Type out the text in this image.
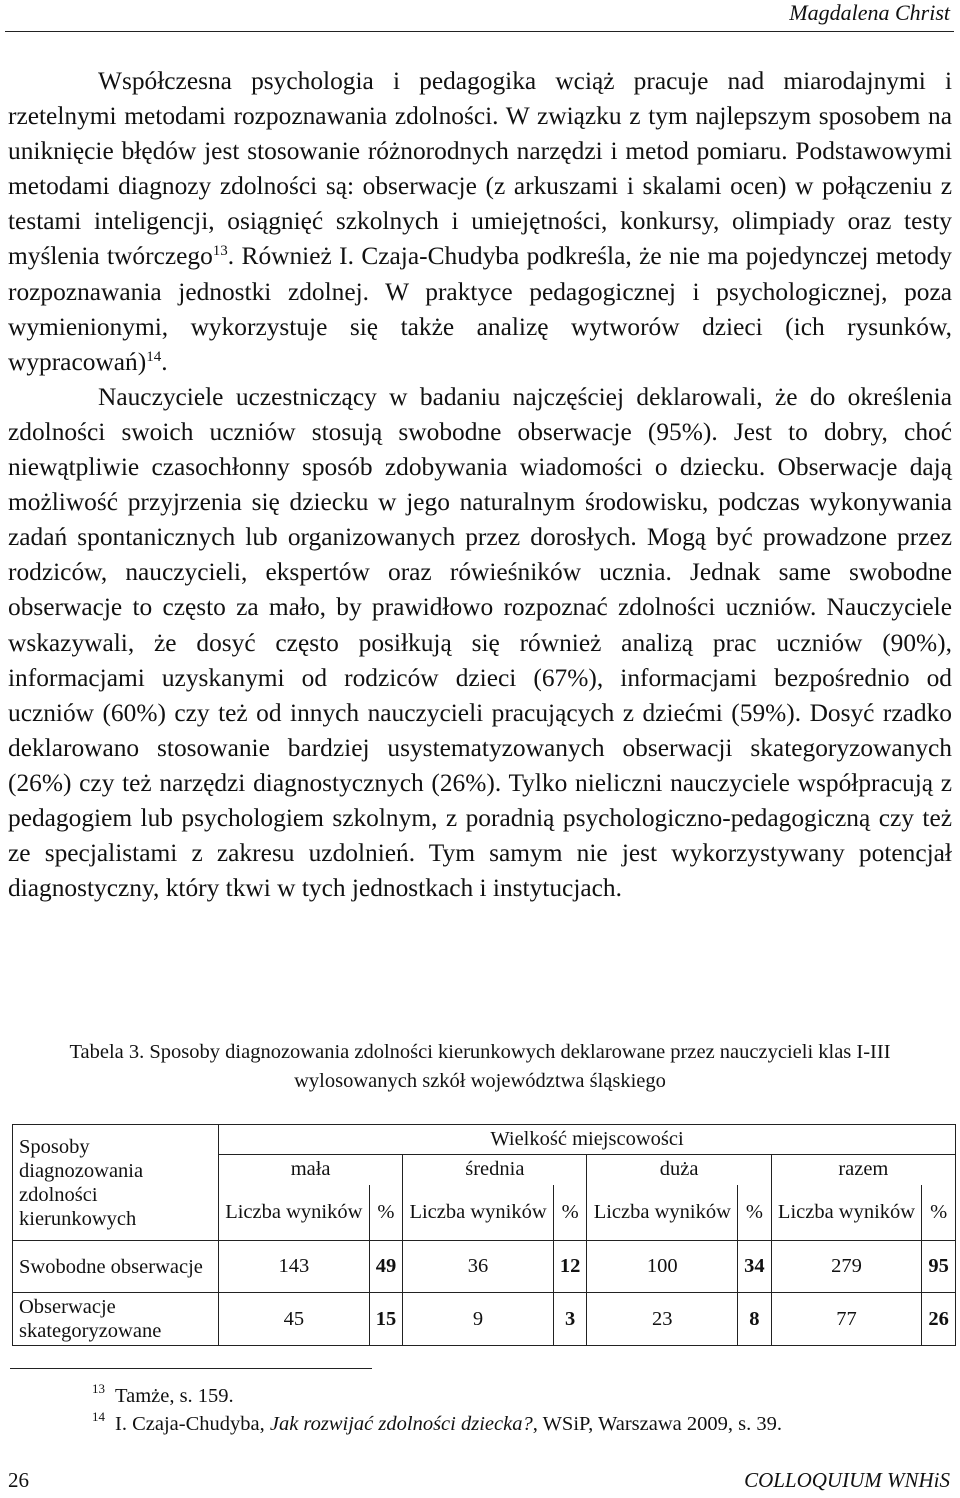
Magdalena Christ

Współczesna psychologia i pedagogika wciąż pracuje nad miarodajnymi i rzetelnymi metodami rozpoznawania zdolności. W związku z tym najlepszym sposobem na uniknięcie błędów jest stosowanie różnorodnych narzędzi i metod pomiaru. Podstawowymi metodami diagnozy zdolności są: obserwacje (z arkuszami i skalami ocen) w połączeniu z testami inteligencji, osiągnięć szkolnych i umiejętności, konkursy, olimpiady oraz testy myślenia twórczego$^{13}$. Również I. Czaja-Chudyba podkreśla, że nie ma pojedynczej metody rozpoznawania jednostki zdolnej. W praktyce pedagogicznej i psychologicznej, poza wymienionymi, wykorzystuje się także analizę wytworów dzieci (ich rysunków, wypracowań)$^{14}$.

Nauczyciele uczestniczący w badaniu najczęściej deklarowali, że do określenia zdolności swoich uczniów stosują swobodne obserwacje (95%). Jest to dobry, choć niewątpliwie czasochłonny sposób zdobywania wiadomości o dziecku. Obserwacje dają możliwość przyjrzenia się dziecku w jego naturalnym środowisku, podczas wykonywania zadań spontanicznych lub organizowanych przez dorosłych. Mogą być prowadzone przez rodziców, nauczycieli, ekspertów oraz rówieśników ucznia. Jednak same swobodne obserwacje to często za mało, by prawidłowo rozpoznać zdolności uczniów. Nauczyciele wskazywali, że dosyć często posiłkują się również analizą prac uczniów (90%), informacjami uzyskanymi od rodziców dzieci (67%), informacjami bezpośrednio od uczniów (60%) czy też od innych nauczycieli pracujących z dziećmi (59%). Dosyć rzadko deklarowano stosowanie bardziej usystematyzowanych obserwacji skategoryzowanych (26%) czy też narzędzi diagnostycznych (26%). Tylko nieliczni nauczyciele współpracują z pedagogiem lub psychologiem szkolnym, z poradnią psychologiczno-pedagogiczną czy też ze specjalistami z zakresu uzdolnień. Tym samym nie jest wykorzystywany potencjał diagnostyczny, który tkwi w tych jednostkach i instytucjach.

Tabela 3. Sposoby diagnozowania zdolności kierunkowych deklarowane przez nauczycieli klas I-III wylosowanych szkół województwa śląskiego
Sposoby diagnozowania zdolności kierunkowych	Wielkość miejscowości							
	mała		średnia		duża		razem	
	Liczba wyników	%	Liczba wyników	%	Liczba wyników	%	Liczba wyników	%
Swobodne obserwacje	143	49	36	12	100	34	279	95
Obserwacje skategoryzowane	45	15	9	3	23	8	77	26
$^{13}$ Tamże, s. 159.
$^{14}$ I. Czaja-Chudyba, Jak rozwijać zdolności dziecka?, WSiP, Warszawa 2009, s. 39.
26	COLLOQUIUM WNHiS
